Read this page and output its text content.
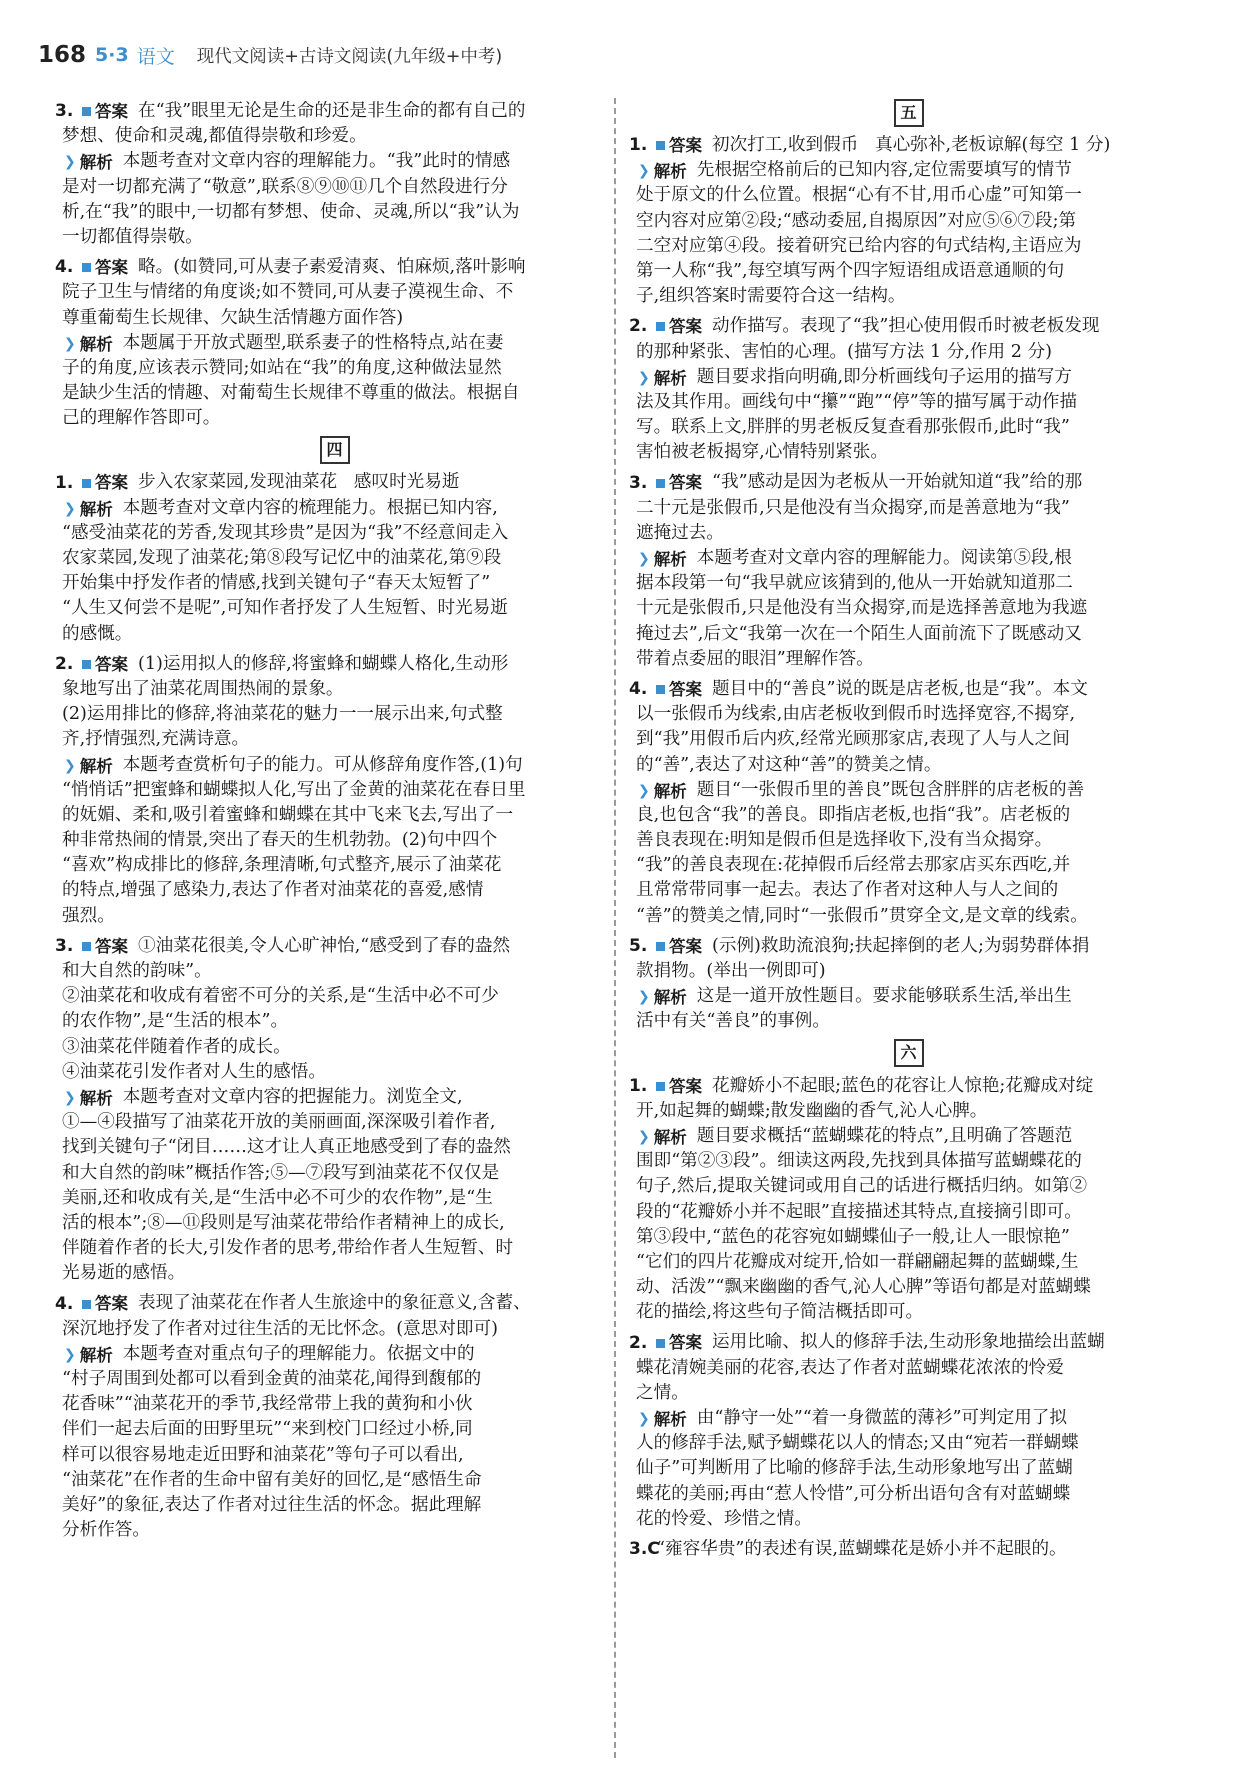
168 5·3 语文 现代文阅读+古诗文阅读(九年级+中考)
3. 答案 在“我”眼里无论是生命的还是非生命的都有自己的
梦想、使命和灵魂,都值得崇敬和珍爱。
❯ 解析 本题考查对文章内容的理解能力。“我”此时的情感
是对一切都充满了“敬意”,联系⑧⑨⑩⑪几个自然段进行分
析,在“我”的眼中,一切都有梦想、使命、灵魂,所以“我”认为
一切都值得崇敬。
4. 答案 略。(如赞同,可从妻子素爱清爽、怕麻烦,落叶影响
院子卫生与情绪的角度谈;如不赞同,可从妻子漠视生命、不
尊重葡萄生长规律、欠缺生活情趣方面作答)
❯ 解析 本题属于开放式题型,联系妻子的性格特点,站在妻
子的角度,应该表示赞同;如站在“我”的角度,这种做法显然
是缺少生活的情趣、对葡萄生长规律不尊重的做法。根据自
己的理解作答即可。
四
1. 答案 步入农家菜园,发现油菜花   感叹时光易逝
❯ 解析 本题考查对文章内容的梳理能力。根据已知内容,
“感受油菜花的芳香,发现其珍贵”是因为“我”不经意间走入
农家菜园,发现了油菜花;第⑧段写记忆中的油菜花,第⑨段
开始集中抒发作者的情感,找到关键句子“春天太短暂了”
“人生又何尝不是呢”,可知作者抒发了人生短暂、时光易逝
的感慨。
2. 答案 (1)运用拟人的修辞,将蜜蜂和蝴蝶人格化,生动形
象地写出了油菜花周围热闹的景象。
(2)运用排比的修辞,将油菜花的魅力一一展示出来,句式整
齐,抒情强烈,充满诗意。
❯ 解析 本题考查赏析句子的能力。可从修辞角度作答,(1)句
“悄悄话”把蜜蜂和蝴蝶拟人化,写出了金黄的油菜花在春日里
的妩媚、柔和,吸引着蜜蜂和蝴蝶在其中飞来飞去,写出了一
种非常热闹的情景,突出了春天的生机勃勃。(2)句中四个
“喜欢”构成排比的修辞,条理清晰,句式整齐,展示了油菜花
的特点,增强了感染力,表达了作者对油菜花的喜爱,感情
强烈。
3. 答案 ①油菜花很美,令人心旷神怡,“感受到了春的盎然
和大自然的韵味”。
②油菜花和收成有着密不可分的关系,是“生活中必不可少
的农作物”,是“生活的根本”。
③油菜花伴随着作者的成长。
④油菜花引发作者对人生的感悟。
❯ 解析 本题考查对文章内容的把握能力。浏览全文,
①—④段描写了油菜花开放的美丽画面,深深吸引着作者,
找到关键句子“闭目……这才让人真正地感受到了春的盎然
和大自然的韵味”概括作答;⑤—⑦段写到油菜花不仅仅是
美丽,还和收成有关,是“生活中必不可少的农作物”,是“生
活的根本”;⑧—⑪段则是写油菜花带给作者精神上的成长,
伴随着作者的长大,引发作者的思考,带给作者人生短暂、时
光易逝的感悟。
4. 答案 表现了油菜花在作者人生旅途中的象征意义,含蓄、
深沉地抒发了作者对过往生活的无比怀念。(意思对即可)
❯ 解析 本题考查对重点句子的理解能力。依据文中的
“村子周围到处都可以看到金黄的油菜花,闻得到馥郁的
花香味”“油菜花开的季节,我经常带上我的黄狗和小伙
伴们一起去后面的田野里玩”“来到校门口经过小桥,同
样可以很容易地走近田野和油菜花”等句子可以看出,
“油菜花”在作者的生命中留有美好的回忆,是“感悟生命
美好”的象征,表达了作者对过往生活的怀念。据此理解
分析作答。
五
1. 答案 初次打工,收到假币   真心弥补,老板谅解(每空 1 分)
❯ 解析 先根据空格前后的已知内容,定位需要填写的情节
处于原文的什么位置。根据“心有不甘,用币心虚”可知第一
空内容对应第②段;“感动委屈,自揭原因”对应⑤⑥⑦段;第
二空对应第④段。接着研究已给内容的句式结构,主语应为
第一人称“我”,每空填写两个四字短语组成语意通顺的句
子,组织答案时需要符合这一结构。
2. 答案 动作描写。表现了“我”担心使用假币时被老板发现
的那种紧张、害怕的心理。(描写方法 1 分,作用 2 分)
❯ 解析 题目要求指向明确,即分析画线句子运用的描写方
法及其作用。画线句中“攥”“跑”“停”等的描写属于动作描
写。联系上文,胖胖的男老板反复查看那张假币,此时“我”
害怕被老板揭穿,心情特别紧张。
3. 答案 “我”感动是因为老板从一开始就知道“我”给的那
二十元是张假币,只是他没有当众揭穿,而是善意地为“我”
遮掩过去。
❯ 解析 本题考查对文章内容的理解能力。阅读第⑤段,根
据本段第一句“我早就应该猜到的,他从一开始就知道那二
十元是张假币,只是他没有当众揭穿,而是选择善意地为我遮
掩过去”,后文“我第一次在一个陌生人面前流下了既感动又
带着点委屈的眼泪”理解作答。
4. 答案 题目中的“善良”说的既是店老板,也是“我”。本文
以一张假币为线索,由店老板收到假币时选择宽容,不揭穿,
到“我”用假币后内疚,经常光顾那家店,表现了人与人之间
的“善”,表达了对这种“善”的赞美之情。
❯ 解析 题目“一张假币里的善良”既包含胖胖的店老板的善
良,也包含“我”的善良。即指店老板,也指“我”。店老板的
善良表现在:明知是假币但是选择收下,没有当众揭穿。
“我”的善良表现在:花掉假币后经常去那家店买东西吃,并
且常常带同事一起去。表达了作者对这种人与人之间的
“善”的赞美之情,同时“一张假币”贯穿全文,是文章的线索。
5. 答案 (示例)救助流浪狗;扶起摔倒的老人;为弱势群体捐
款捐物。(举出一例即可)
❯ 解析 这是一道开放性题目。要求能够联系生活,举出生
活中有关“善良”的事例。
六
1. 答案 花瓣娇小不起眼;蓝色的花容让人惊艳;花瓣成对绽
开,如起舞的蝴蝶;散发幽幽的香气,沁人心脾。
❯ 解析 题目要求概括“蓝蝴蝶花的特点”,且明确了答题范
围即“第②③段”。细读这两段,先找到具体描写蓝蝴蝶花的
句子,然后,提取关键词或用自己的话进行概括归纳。如第②
段的“花瓣娇小并不起眼”直接描述其特点,直接摘引即可。
第③段中,“蓝色的花容宛如蝴蝶仙子一般,让人一眼惊艳”
“它们的四片花瓣成对绽开,恰如一群翩翩起舞的蓝蝴蝶,生
动、活泼”“飘来幽幽的香气,沁人心脾”等语句都是对蓝蝴蝶
花的描绘,将这些句子简洁概括即可。
2. 答案 运用比喻、拟人的修辞手法,生动形象地描绘出蓝蝴
蝶花清婉美丽的花容,表达了作者对蓝蝴蝶花浓浓的怜爱
之情。
❯ 解析 由“静守一处”“着一身微蓝的薄衫”可判定用了拟
人的修辞手法,赋予蝴蝶花以人的情态;又由“宛若一群蝴蝶
仙子”可判断用了比喻的修辞手法,生动形象地写出了蓝蝴
蝶花的美丽;再由“惹人怜惜”,可分析出语句含有对蓝蝴蝶
花的怜爱、珍惜之情。
3.C“雍容华贵”的表述有误,蓝蝴蝶花是娇小并不起眼的。
